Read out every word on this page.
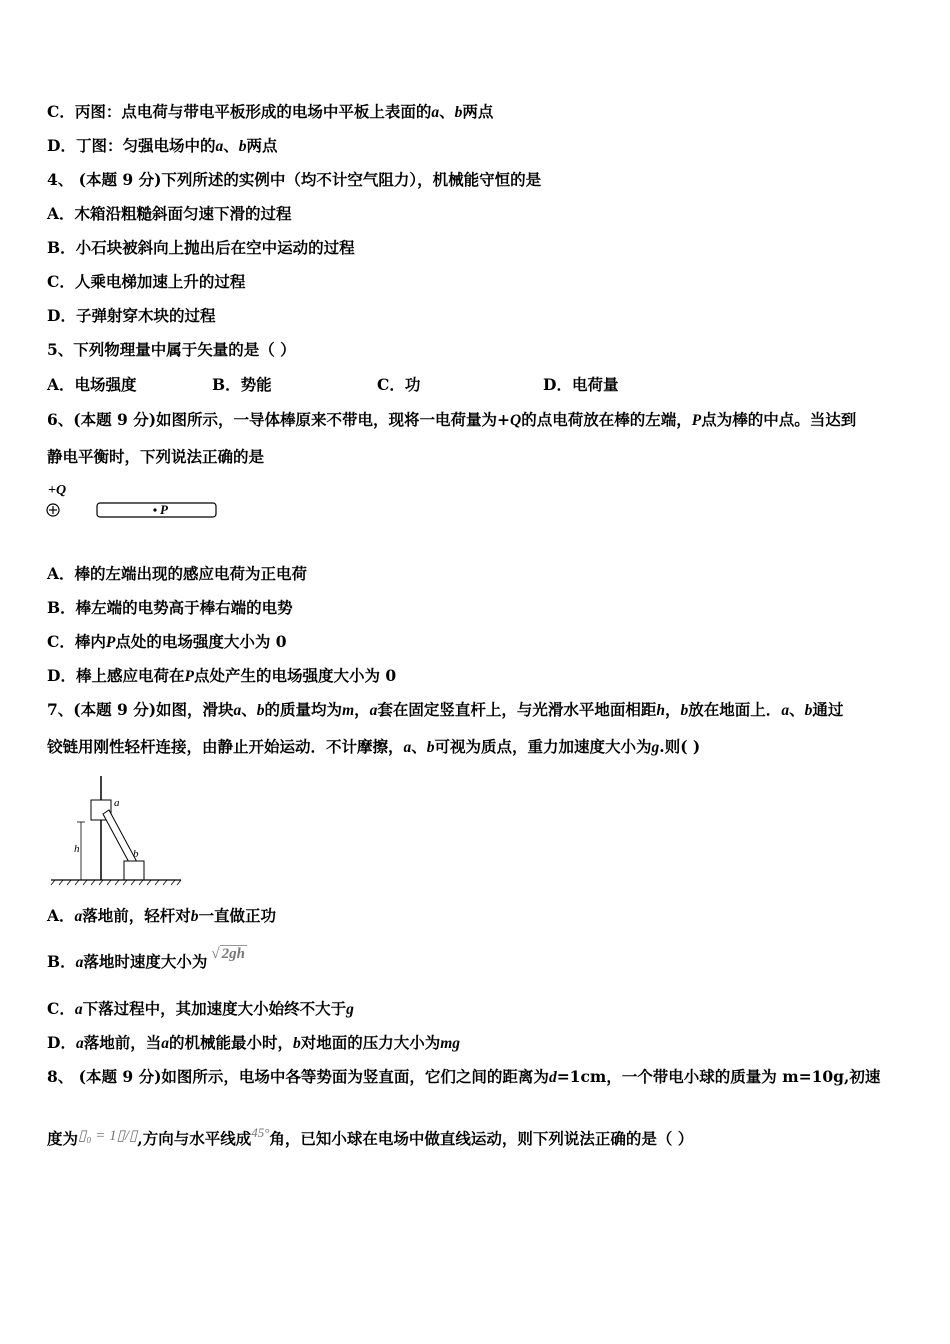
C．丙图：点电荷与带电平板形成的电场中平板上表面的a、b两点
D．丁图：匀强电场中的a、b两点
4、 (本题 9 分)下列所述的实例中（均不计空气阻力），机械能守恒的是
A．木箱沿粗糙斜面匀速下滑的过程
B．小石块被斜向上抛出后在空中运动的过程
C．人乘电梯加速上升的过程
D．子弹射穿木块的过程
5、下列物理量中属于矢量的是（ ）
A．电场强度	B．势能	C．功	D．电荷量
6、(本题 9 分)如图所示，一导体棒原来不带电，现将一电荷量为+Q的点电荷放在棒的左端，P点为棒的中点。当达到
静电平衡时，下列说法正确的是
+Q
P
A．棒的左端出现的感应电荷为正电荷
B．棒左端的电势高于棒右端的电势
C．棒内P点处的电场强度大小为 0
D．棒上感应电荷在P点处产生的电场强度大小为 0
7、(本题 9 分)如图，滑块a、b的质量均为m，a套在固定竖直杆上，与光滑水平地面相距h，b放在地面上．a、b通过
铰链用刚性轻杆连接，由静止开始运动．不计摩擦，a、b可视为质点，重力加速度大小为g.则( )
a
b
h
A．a落地前，轻杆对b一直做正功
B．a落地时速度大小为 √ 2gh
C．a下落过程中，其加速度大小始终不大于g
D．a落地前，当a的机械能最小时，b对地面的压力大小为mg
8、 (本题 9 分)如图所示，电场中各等势面为竖直面，它们之间的距离为d=1cm，一个带电小球的质量为 m=10g,初速
度为▯₀ = 1▯/▯,方向与水平线成$^{45^\circ}$角，已知小球在电场中做直线运动，则下列说法正确的是（ ）
